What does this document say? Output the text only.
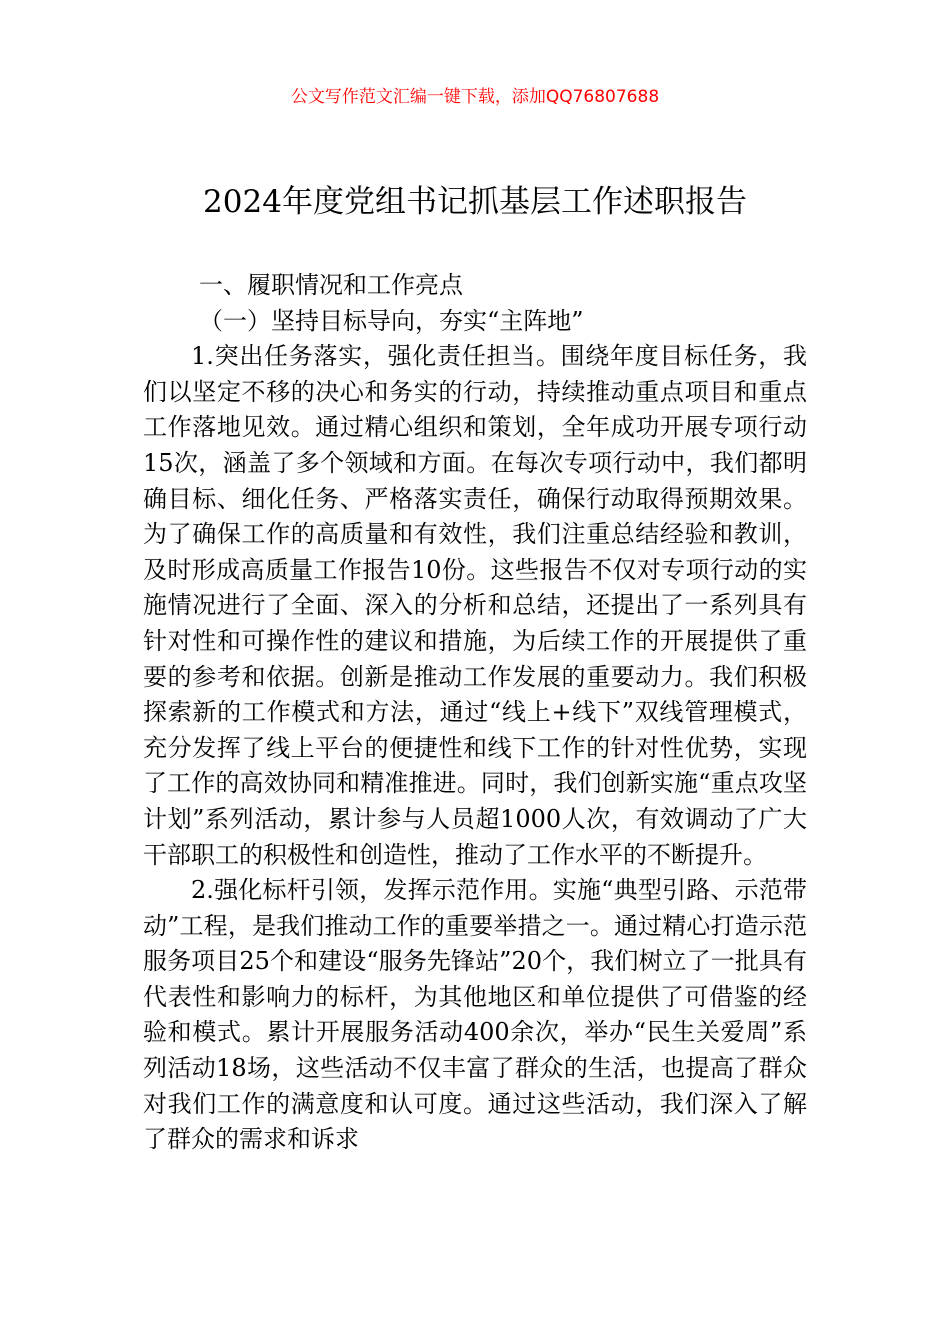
公文写作范文汇编一键下载，添加QQ76807688
2024年度党组书记抓基层工作述职报告

一、履职情况和工作亮点

（一）坚持目标导向，夯实“主阵地”

1.突出任务落实，强化责任担当。围绕年度目标任务，我们以坚定不移的决心和务实的行动，持续推动重点项目和重点工作落地见效。通过精心组织和策划，全年成功开展专项行动15次，涵盖了多个领域和方面。在每次专项行动中，我们都明确目标、细化任务、严格落实责任，确保行动取得预期效果。为了确保工作的高质量和有效性，我们注重总结经验和教训，及时形成高质量工作报告10份。这些报告不仅对专项行动的实施情况进行了全面、深入的分析和总结，还提出了一系列具有针对性和可操作性的建议和措施，为后续工作的开展提供了重要的参考和依据。创新是推动工作发展的重要动力。我们积极探索新的工作模式和方法，通过“线上+线下”双线管理模式，充分发挥了线上平台的便捷性和线下工作的针对性优势，实现了工作的高效协同和精准推进。同时，我们创新实施“重点攻坚计划”系列活动，累计参与人员超1000人次，有效调动了广大干部职工的积极性和创造性，推动了工作水平的不断提升。

2.强化标杆引领，发挥示范作用。实施“典型引路、示范带动”工程，是我们推动工作的重要举措之一。通过精心打造示范服务项目25个和建设“服务先锋站”20个，我们树立了一批具有代表性和影响力的标杆，为其他地区和单位提供了可借鉴的经验和模式。累计开展服务活动400余次，举办“民生关爱周”系列活动18场，这些活动不仅丰富了群众的生活，也提高了群众对我们工作的满意度和认可度。通过这些活动，我们深入了解了群众的需求和诉求
